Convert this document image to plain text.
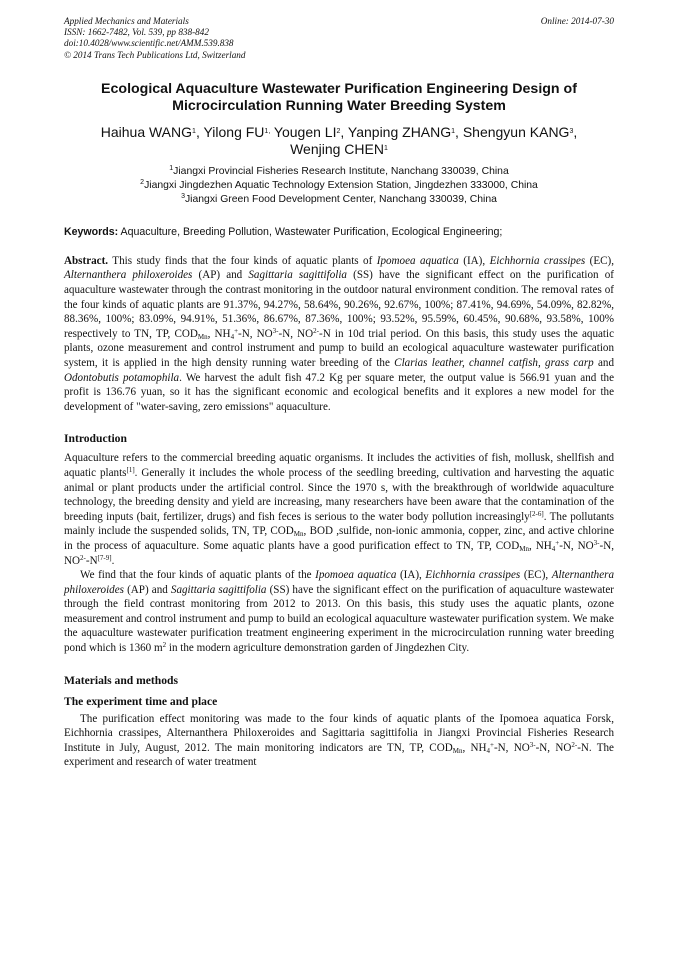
Applied Mechanics and Materials
ISSN: 1662-7482, Vol. 539, pp 838-842
doi:10.4028/www.scientific.net/AMM.539.838
© 2014 Trans Tech Publications Ltd, Switzerland
Online: 2014-07-30
Ecological Aquaculture Wastewater Purification Engineering Design of
Microcirculation Running Water Breeding System
Haihua WANG$^1$, Yilong $FU^{1,}$ Yougen $LI^2$, Yanping ZHANG$^1$, Shengyun KANG$^3$,
Wenjing CHEN$^1$
$^1$Jiangxi Provincial Fisheries Research Institute, Nanchang 330039, China
$^2$Jiangxi Jingdezhen Aquatic Technology Extension Station, Jingdezhen 333000, China
$^3$Jiangxi Green Food Development Center, Nanchang 330039, China
Keywords: Aquaculture, Breeding Pollution, Wastewater Purification, Ecological Engineering;

Abstract. This study finds that the four kinds of aquatic plants of Ipomoea aquatica (IA), Eichhornia crassipes (EC), Alternanthera philoxeroides (AP) and Sagittaria sagittifolia (SS) have the significant effect on the purification of aquaculture wastewater through the contrast monitoring in the outdoor natural environment condition. The removal rates of the four kinds of aquatic plants are 91.37%, 94.27%, 58.64%, 90.26%, 92.67%, 100%; 87.41%, 94.69%, 54.09%, 82.82%, 88.36%, 100%; 83.09%, 94.91%, 51.36%, 86.67%, 87.36%, 100%; 93.52%, 95.59%, 60.45%, 90.68%, 93.58%, 100% respectively to TN, TP, $COD_{Mn}$, $NH_4^+-N$, $NO^{3-}-N$, $NO^{2-}-N$ in 10d trial period. On this basis, this study uses the aquatic plants, ozone measurement and control instrument and pump to build an ecological aquaculture wastewater purification system, it is applied in the high density running water breeding of the Clarias leather, channel catfish, grass carp and Odontobutis potamophila. We harvest the adult fish 47.2 Kg per square meter, the output value is 566.91 yuan and the profit is 136.76 yuan, so it has the significant economic and ecological benefits and it explores a new model for the development of "water-saving, zero emissions" aquaculture.

Introduction

Aquaculture refers to the commercial breeding aquatic organisms. It includes the activities of fish, mollusk, shellfish and aquatic plants[1]. Generally it includes the whole process of the seedling breeding, cultivation and harvesting the aquatic animal or plant products under the artificial control. Since the 1970 s, with the breakthrough of worldwide aquaculture technology, the breeding density and yield are increasing, many researchers have been aware that the contamination of the breeding inputs (bait, fertilizer, drugs) and fish feces is serious to the water body pollution increasingly[2-6]. The pollutants mainly include the suspended solids, TN, TP, $COD_{Mn}$, BOD ,sulfide, non-ionic ammonia, copper, zinc, and active chlorine in the process of aquaculture. Some aquatic plants have a good purification effect to TN, TP, $COD_{Mn}$, $NH_4^+-N$, $NO^{3-}-N$, $NO^{2-}-N[7-9]$.

We find that the four kinds of aquatic plants of the Ipomoea aquatica (IA), Eichhornia crassipes (EC), Alternanthera philoxeroides (AP) and Sagittaria sagittifolia (SS) have the significant effect on the purification of aquaculture wastewater through the field contrast monitoring from 2012 to 2013. On this basis, this study uses the aquatic plants, ozone measurement and control instrument and pump to build an ecological aquaculture wastewater purification system. We make the aquaculture wastewater purification treatment engineering experiment in the microcirculation running water breeding pond which is 1360 $m^2$ in the modern agriculture demonstration garden of Jingdezhen City.

Materials and methods
The experiment time and place

The purification effect monitoring was made to the four kinds of aquatic plants of the Ipomoea aquatica Forsk, Eichhornia crassipes, Alternanthera Philoxeroides and Sagittaria sagittifolia in Jiangxi Provincial Fisheries Research Institute in July, August, 2012. The main monitoring indicators are TN, TP, $COD_{Mn}$, $NH_4^+-N$, $NO^{3-}-N$, $NO^{2-}-N$. The experiment and research of water treatment
